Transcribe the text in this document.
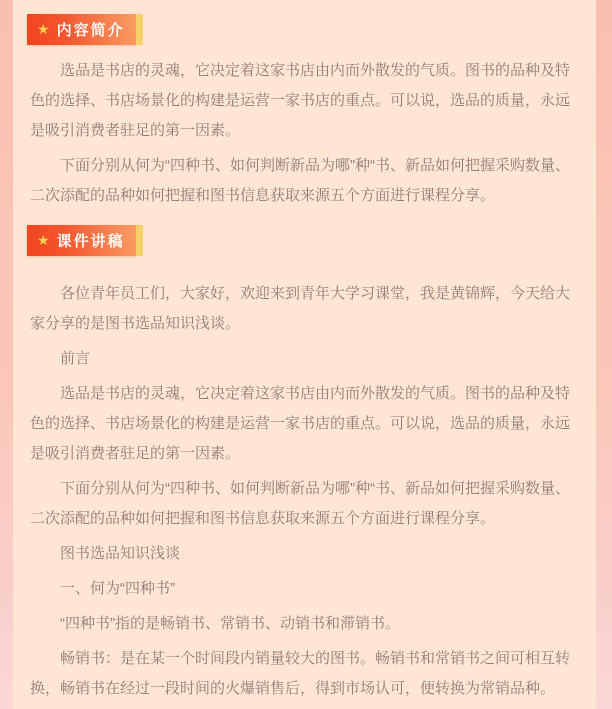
★ 内容简介

选品是书店的灵魂，它决定着这家书店由内而外散发的气质。图书的品种及特色的选择、书店场景化的构建是运营一家书店的重点。可以说，选品的质量，永远是吸引消费者驻足的第一因素。

下面分别从何为“四种书、如何判断新品为哪”种“书、新品如何把握采购数量、二次添配的品种如何把握和图书信息获取来源五个方面进行课程分享。

★ 课件讲稿

各位青年员工们，大家好，欢迎来到青年大学习课堂，我是黄锦辉，今天给大家分享的是图书选品知识浅谈。

前言

选品是书店的灵魂，它决定着这家书店由内而外散发的气质。图书的品种及特色的选择、书店场景化的构建是运营一家书店的重点。可以说，选品的质量，永远是吸引消费者驻足的第一因素。

下面分别从何为“四种书、如何判断新品为哪”种“书、新品如何把握采购数量、二次添配的品种如何把握和图书信息获取来源五个方面进行课程分享。

图书选品知识浅谈

一、何为“四种书”

“四种书”指的是畅销书、常销书、动销书和滞销书。

畅销书：是在某一个时间段内销量较大的图书。畅销书和常销书之间可相互转换，畅销书在经过一段时间的火爆销售后，得到市场认可，便转换为常销品种。
